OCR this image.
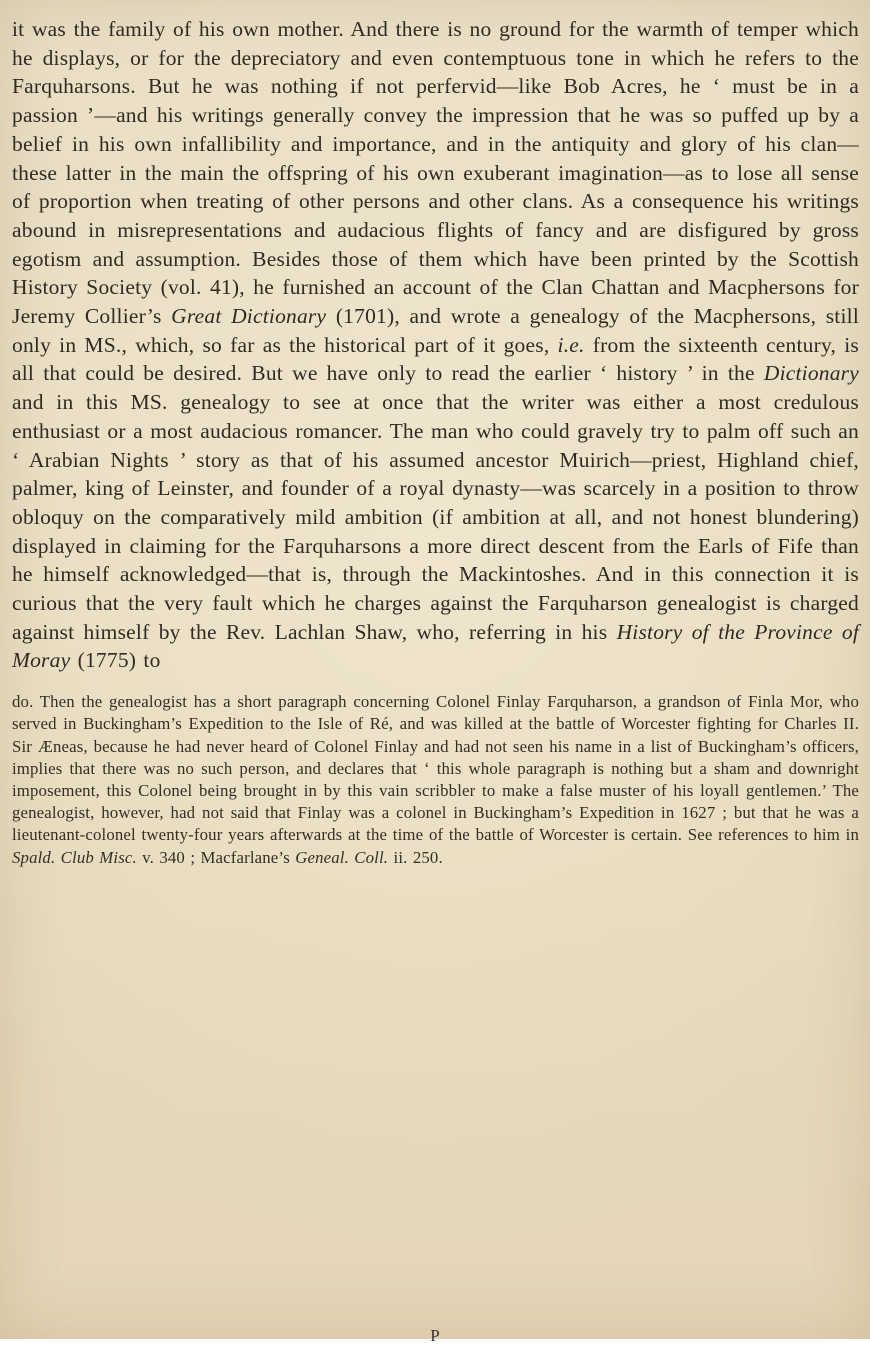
it was the family of his own mother. And there is no ground for the warmth of temper which he displays, or for the depreciatory and even contemptuous tone in which he refers to the Farquharsons. But he was nothing if not perfervid—like Bob Acres, he ‘ must be in a passion ’—and his writings generally convey the impression that he was so puffed up by a belief in his own infallibility and importance, and in the antiquity and glory of his clan—these latter in the main the offspring of his own exuberant imagination—as to lose all sense of proportion when treating of other persons and other clans. As a consequence his writings abound in misrepresentations and audacious flights of fancy and are disfigured by gross egotism and assumption. Besides those of them which have been printed by the Scottish History Society (vol. 41), he furnished an account of the Clan Chattan and Macphersons for Jeremy Collier’s Great Dictionary (1701), and wrote a genealogy of the Macphersons, still only in MS., which, so far as the historical part of it goes, i.e. from the sixteenth century, is all that could be desired. But we have only to read the earlier ‘ history ’ in the Dictionary and in this MS. genealogy to see at once that the writer was either a most credulous enthusiast or a most audacious romancer. The man who could gravely try to palm off such an ‘ Arabian Nights ’ story as that of his assumed ancestor Muirich—priest, Highland chief, palmer, king of Leinster, and founder of a royal dynasty—was scarcely in a position to throw obloquy on the comparatively mild ambition (if ambition at all, and not honest blundering) displayed in claiming for the Farquharsons a more direct descent from the Earls of Fife than he himself acknowledged—that is, through the Mackintoshes. And in this connection it is curious that the very fault which he charges against the Farquharson genealogist is charged against himself by the Rev. Lachlan Shaw, who, referring in his History of the Province of Moray (1775) to
do. Then the genealogist has a short paragraph concerning Colonel Finlay Farquharson, a grandson of Finla Mor, who served in Buckingham’s Expedition to the Isle of Ré, and was killed at the battle of Worcester fighting for Charles II. Sir Æneas, because he had never heard of Colonel Finlay and had not seen his name in a list of Buckingham’s officers, implies that there was no such person, and declares that ‘ this whole paragraph is nothing but a sham and downright imposement, this Colonel being brought in by this vain scribbler to make a false muster of his loyall gentlemen.’ The genealogist, however, had not said that Finlay was a colonel in Buckingham’s Expedition in 1627 ; but that he was a lieutenant-colonel twenty-four years afterwards at the time of the battle of Worcester is certain. See references to him in Spald. Club Misc. v. 340 ; Macfarlane’s Geneal. Coll. ii. 250.
P
